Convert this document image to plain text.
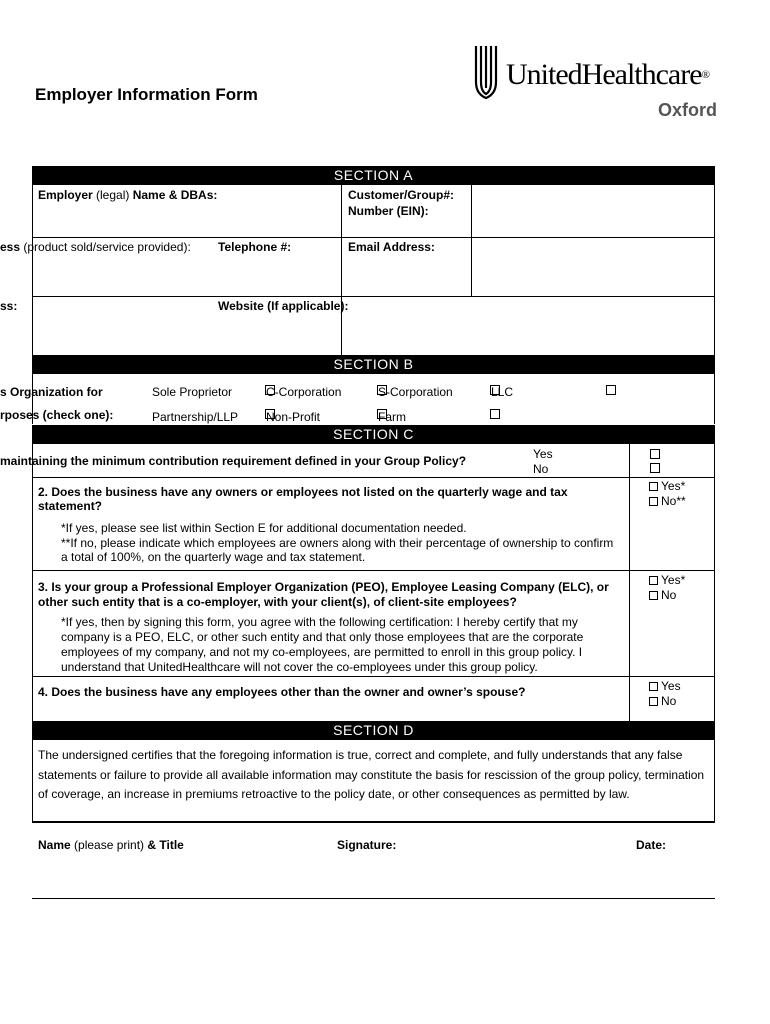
Employer Information Form
UnitedHealthcare®
Oxford
SECTION A
Employer (legal) Name & DBAs:	Customer/Group#:
Number (EIN):
ess (product sold/service provided): Telephone #:	Email Address:
ss:	Website (If applicable):
SECTION B
s Organization for
rposes (check one):
Sole Proprietor	C-Corporation	S-Corporation	LLC
Partnership/LLP Non-Profit	Farm
SECTION C
maintaining the minimum contribution requirement defined in your Group Policy?	Yes
No
2. Does the business have any owners or employees not listed on the quarterly wage and tax statement?
*If yes, please see list within Section E for additional documentation needed.
**If no, please indicate which employees are owners along with their percentage of ownership to confirm a total of 100%, on the quarterly wage and tax statement.
Yes*
No**
3. Is your group a Professional Employer Organization (PEO), Employee Leasing Company (ELC), or other such entity that is a co-employer, with your client(s), of client-site employees?
*If yes, then by signing this form, you agree with the following certification: I hereby certify that my company is a PEO, ELC, or other such entity and that only those employees that are the corporate employees of my company, and not my co-employees, are permitted to enroll in this group policy. I understand that UnitedHealthcare will not cover the co-employees under this group policy.
Yes*
No
4. Does the business have any employees other than the owner and owner’s spouse?	Yes
No
SECTION D
The undersigned certifies that the foregoing information is true, correct and complete, and fully understands that any false statements or failure to provide all available information may constitute the basis for rescission of the group policy, termination of coverage, an increase in premiums retroactive to the policy date, or other consequences as permitted by law.
Name (please print) & Title	Signature:	Date:
